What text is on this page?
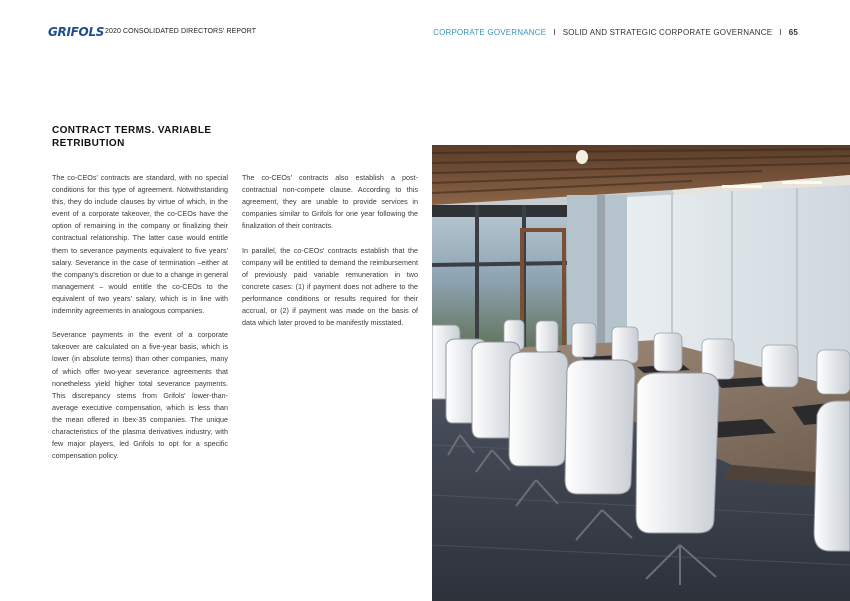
GRIFOLS 2020 CONSOLIDATED DIRECTORS' REPORT	CORPORATE GOVERNANCE I SOLID AND STRATEGIC CORPORATE GOVERNANCE I 65
CONTRACT TERMS. VARIABLE RETRIBUTION

The co-CEOs' contracts are standard, with no special conditions for this type of agreement. Notwithstanding this, they do include clauses by virtue of which, in the event of a corporate takeover, the co-CEOs have the option of remaining in the company or finalizing their contractual relationship. The latter case would entitle them to severance payments equivalent to five years' salary. Severance in the case of termination –either at the company's discretion or due to a change in general management – would entitle the co-CEOs to the equivalent of two years' salary, which is in line with indemnity agreements in analogous companies.

Severance payments in the event of a corporate takeover are calculated on a five-year basis, which is lower (in absolute terms) than other companies, many of which offer two-year severance agreements that nonetheless yield higher total severance payments. This discrepancy stems from Grifols' lower-than-average executive compensation, which is less than the mean offered in Ibex-35 companies. The unique characteristics of the plasma derivatives industry, with few major players, led Grifols to opt for a specific compensation policy.

The co-CEOs' contracts also establish a post-contractual non-compete clause. According to this agreement, they are unable to provide services in companies similar to Grifols for one year following the finalization of their contracts.

In parallel, the co-CEOs' contracts establish that the company will be entitled to demand the reimbursement of previously paid variable remuneration in two concrete cases: (1) if payment does not adhere to the performance conditions or results required for their accrual, or (2) if payment was made on the basis of data which later proved to be manifestly misstated.
